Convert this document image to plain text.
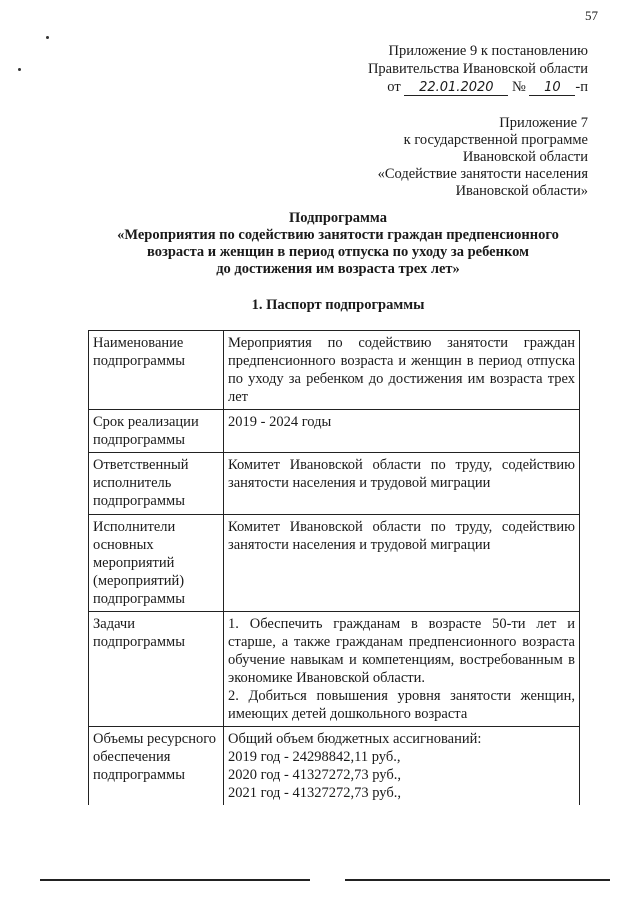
57
Приложение 9 к постановлению
Правительства Ивановской области
от 22.01.2020 № 10 -п
Приложение 7
к государственной программе
Ивановской области
«Содействие занятости населения
Ивановской области»
Подпрограмма
«Мероприятия по содействию занятости граждан предпенсионного
возраста и женщин в период отпуска по уходу за ребенком
до достижения им возраста трех лет»
1. Паспорт подпрограммы
Наименование подпрограммы	Мероприятия по содействию занятости граждан предпенсионного возраста и женщин в период отпуска по уходу за ребенком до достижения им возраста трех лет
Срок реализации подпрограммы	2019 - 2024 годы
Ответственный исполнитель подпрограммы	Комитет Ивановской области по труду, содействию занятости населения и трудовой миграции
Исполнители основных мероприятий (мероприятий) подпрограммы	Комитет Ивановской области по труду, содействию занятости населения и трудовой миграции
Задачи подпрограммы	1. Обеспечить гражданам в возрасте 50-ти лет и старше, а также гражданам предпенсионного возраста обучение навыкам и компетенциям, востребованным в экономике Ивановской области.
2. Добиться повышения уровня занятости женщин, имеющих детей дошкольного возраста

Объемы ресурсного обеспечения подпрограммы	Общий объем бюджетных ассигнований:
2019 год - 24298842,11 руб.,
2020 год - 41327272,73 руб.,
2021 год - 41327272,73 руб.,
